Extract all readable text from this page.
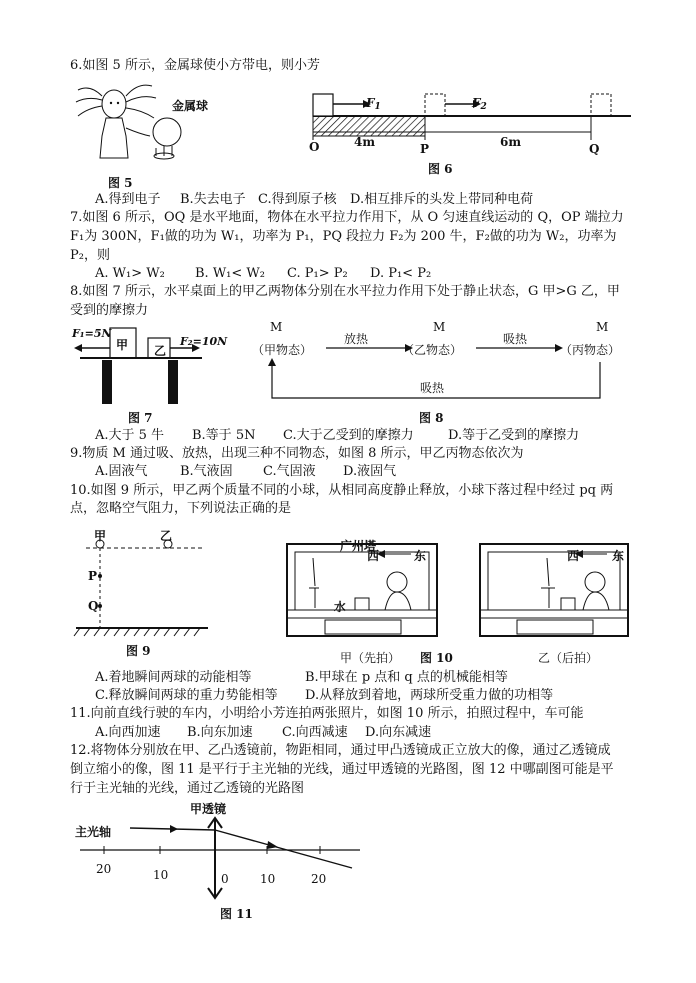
6.如图 5 所示，金属球使小方带电，则小芳
金属球
图 5
$F_1$	$F_2$
4m	6m
O	P	Q
图 6
A.得到电子 B.失去电子 C.得到原子核 D.相互排斥的头发上带同种电荷
7.如图 6 所示，OQ 是水平地面，物体在水平拉力作用下，从 O 匀速直线运动的 Q，OP 端拉力
F₁为 300N，F₁做的功为 W₁，功率为 P₁，PQ 段拉力 F₂为 200 牛，F₂做的功为 W₂，功率为
P₂，则
A. W₁> W₂ B. W₁< W₂ C. P₁> P₂ D. P₁< P₂
8.如图 7 所示，水平桌面上的甲乙两物体分别在水平拉力作用下处于静止状态，G 甲>G 乙，甲
受到的摩擦力
F₁=5N
F₂=10N
甲 乙
图 7
M	M	M
（甲物态）	（乙物态）	（丙物态）
放热	吸热
吸热
图 8
A.大于 5 牛 B.等于 5N C.大于乙受到的摩擦力	D.等于乙受到的摩擦力
9.物质 M 通过吸、放热，出现三种不同物态，如图 8 所示，甲乙丙物态依次为
A.固液气 B.气液固 C.气固液 D.液固气
10.如图 9 所示，甲乙两个质量不同的小球，从相同高度静止释放，小球下落过程中经过 pq 两
点，忽略空气阻力，下列说法正确的是
甲	乙
P
Q
图 9
广州塔
西	东
水
西	东
甲（先拍） 图 10	乙（后拍）
A.着地瞬间两球的动能相等	B.甲球在 p 点和 q 点的机械能相等
C.释放瞬间两球的重力势能相等 D.从释放到着地，两球所受重力做的功相等
11.向前直线行驶的车内，小明给小芳连拍两张照片，如图 10 所示，拍照过程中，车可能
A.向西加速 B.向东加速 C.向西减速 D.向东减速
12.将物体分别放在甲、乙凸透镜前，物距相同，通过甲凸透镜成正立放大的像，通过乙透镜成
倒立缩小的像，图 11 是平行于主光轴的光线，通过甲透镜的光路图，图 12 中哪副图可能是平
行于主光轴的光线，通过乙透镜的光路图
甲透镜
主光轴
20	10	0	10	20
图 11
